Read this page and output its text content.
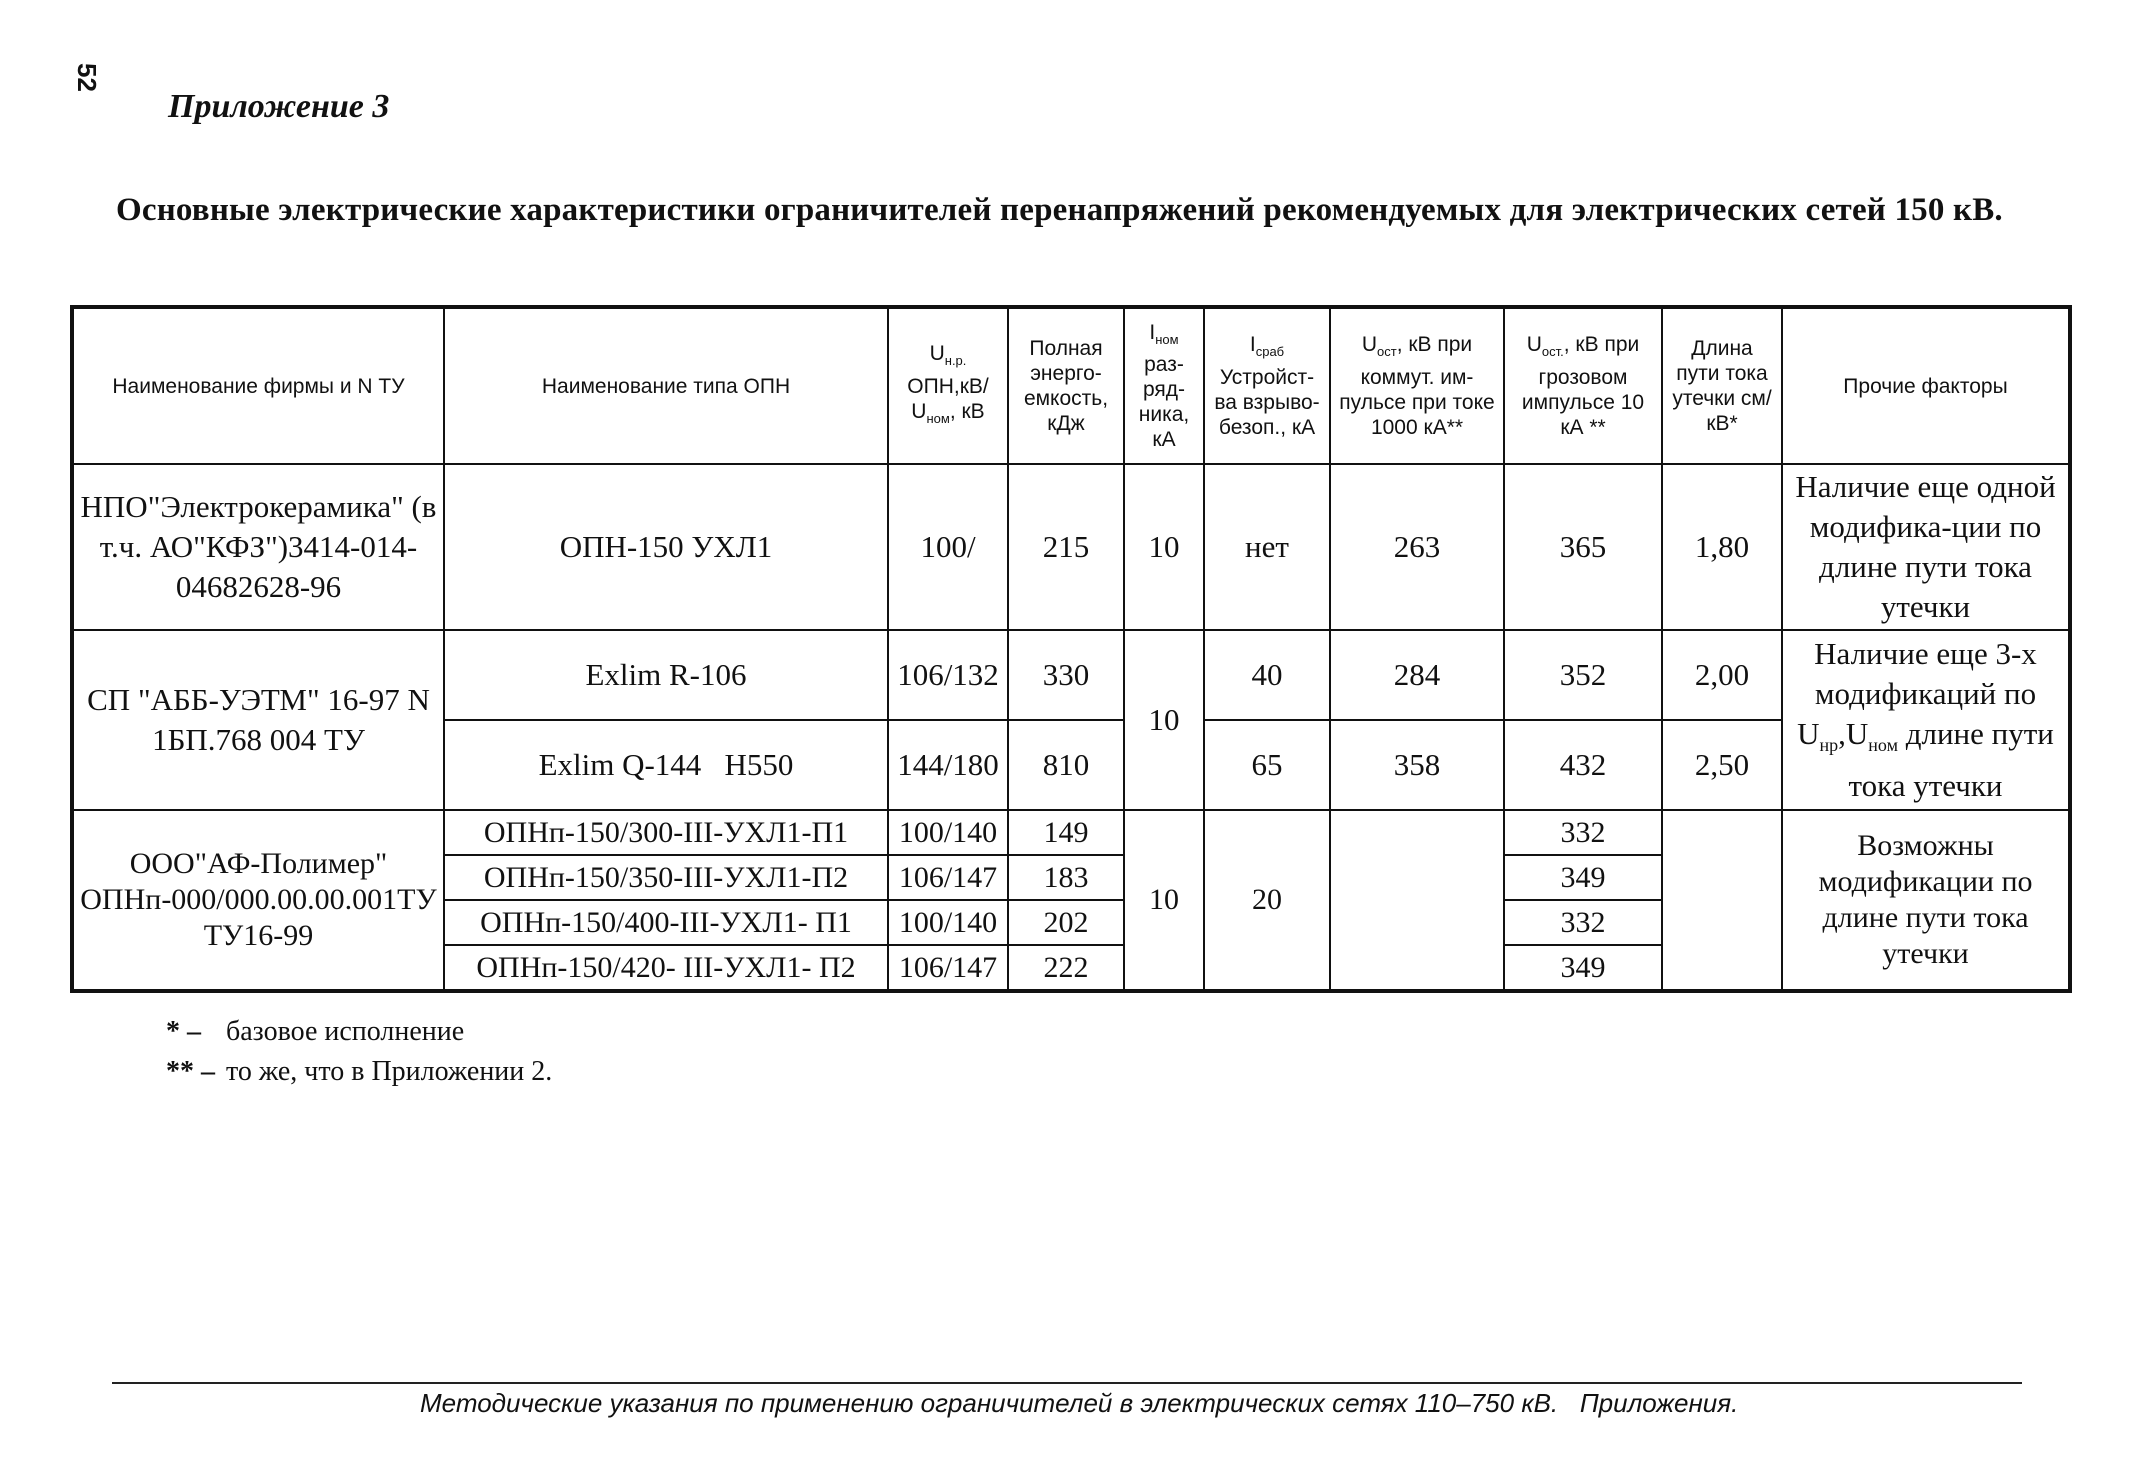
52
Приложение 3
Основные электрические характеристики ограничителей перенапряжений рекомендуемых для электрических сетей 150 кВ.
Наименование фирмы и N ТУ	Наименование типа ОПН	$U_{н.р.}$ ОПН,кВ/ $U_{ном}$, кВ	Полная энерго-емкость, кДж	$I_{ном}$ раз-ряд-ника, кА	$I_{сраб}$ Устройст-ва взрыво-безоп., кА	$U_{ост}$, кВ при коммут. им-пульсе при токе 1000 кА**	$U_{ост.}$, кВ при грозовом импульсе 10 кА **	Длина пути тока утечки см/кВ*	Прочие факторы
НПО"Электрокерамика" (в т.ч. АО"КФЗ")3414-014-04682628-96	ОПН-150 УХЛ1	100/	215	10	нет	263	365	1,80	Наличие еще одной модифика-ции по длине пути тока утечки
СП "АББ-УЭТМ" 16-97 N 1БП.768 004 ТУ	Exlim R-106	106/132	330	10	40	284	352	2,00	Наличие еще 3-х модификаций по $U_{нр},U_{ном}$ длине пути тока утечки
	Exlim Q-144   H550	144/180	810		65	358	432	2,50	
ООО"АФ-Полимер" ОПНп-000/000.00.00.001ТУ ТУ16-99	ОПНп-150/300-III-УХЛ1-П1	100/140	149	10	20		332		Возможны модификации по длине пути тока утечки
	ОПНп-150/350-III-УХЛ1-П2	106/147	183				349		
	ОПНп-150/400-III-УХЛ1- П1	100/140	202				332		
	ОПНп-150/420- III-УХЛ1- П2	106/147	222				349		
* – базовое исполнение
** – то же, что в Приложении 2.
Методические указания по применению ограничителей в электрических сетях 110–750 кВ.   Приложения.
